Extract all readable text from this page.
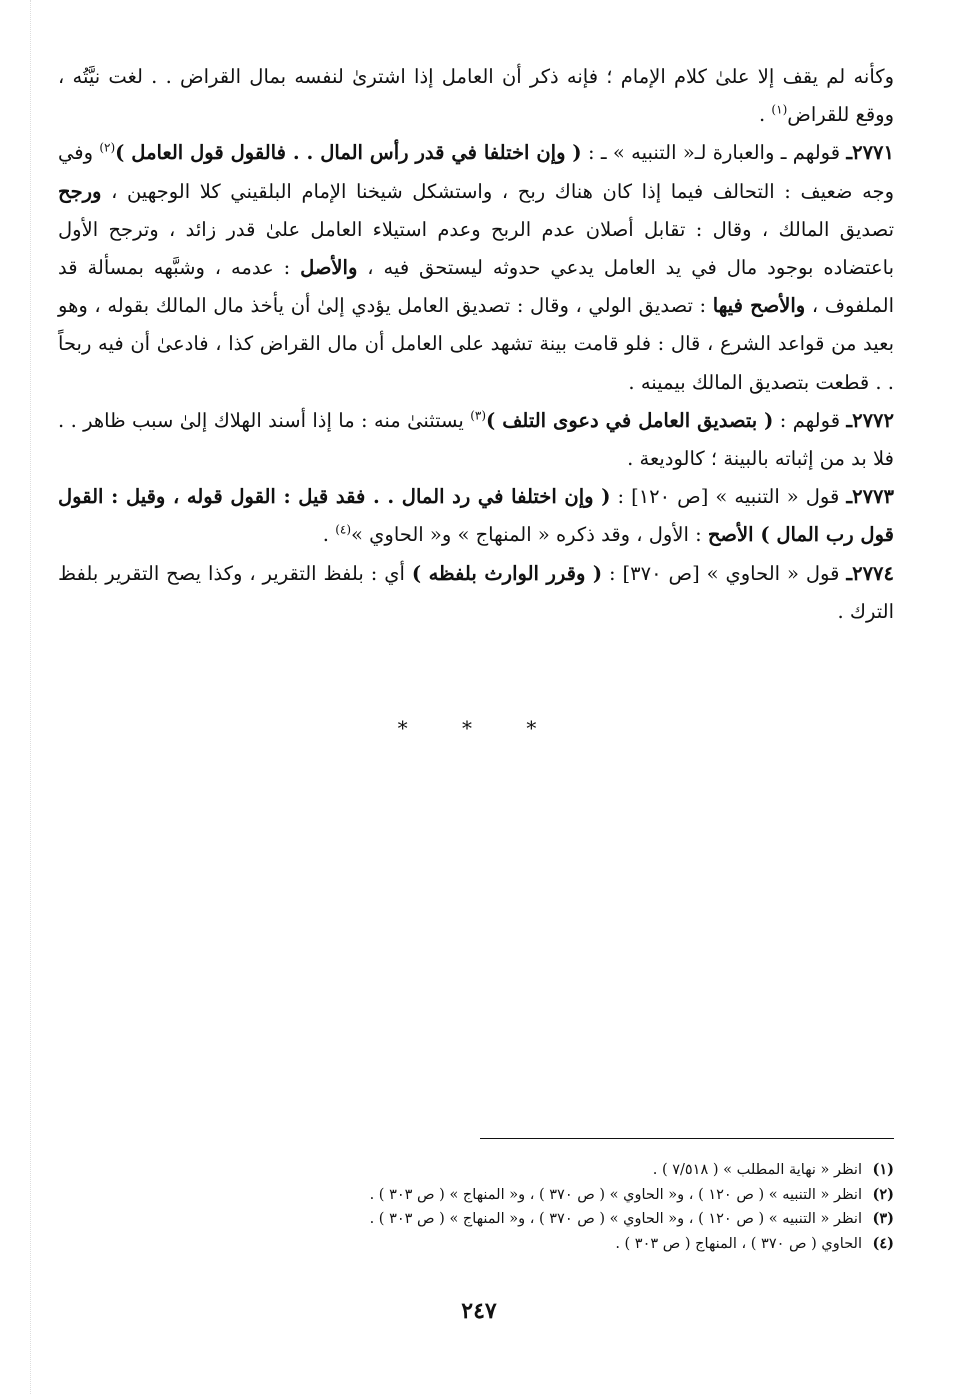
وكأنه لم يقف إلا علىٰ كلام الإمام ؛ فإنه ذكر أن العامل إذا اشترىٰ لنفسه بمال القراض . . لغت نيَّتُه ، ووقع للقراض$^{(١)}$ .

٢٧٧١ـ قولهم ـ والعبارة لـ« التنبيه » ـ : ( وإن اختلفا في قدر رأس المال . . فالقول قول العامل )$^{(٢)}$ وفي وجه ضعيف : التحالف فيما إذا كان هناك ربح ، واستشكل شيخنا الإمام البلقيني كلا الوجهين ، ورجح تصديق المالك ، وقال : تقابل أصلان عدم الربح وعدم استيلاء العامل علىٰ قدر زائد ، وترجح الأول باعتضاده بوجود مال في يد العامل يدعي حدوثه ليستحق فيه ، والأصل : عدمه ، وشبَّهه بمسألة قد الملفوف ، والأصح فيها : تصديق الولي ، وقال : تصديق العامل يؤدي إلىٰ أن يأخذ مال المالك بقوله ، وهو بعيد من قواعد الشرع ، قال : فلو قامت بينة تشهد على العامل أن مال القراض كذا ، فادعىٰ أن فيه ربحاً . . قطعت بتصديق المالك بيمينه .

٢٧٧٢ـ قولهم : ( بتصديق العامل في دعوى التلف )$^{(٣)}$ يستثنىٰ منه : ما إذا أسند الهلاك إلىٰ سبب ظاهر . . فلا بد من إثباته بالبينة ؛ كالوديعة .

٢٧٧٣ـ قول « التنبيه » [ص ١٢٠] : ( وإن اختلفا في رد المال . . فقد قيل : القول قوله ، وقيل : القول قول رب المال ) الأصح : الأول ، وقد ذكره « المنهاج » و« الحاوي »$^{(٤)}$ .

٢٧٧٤ـ قول « الحاوي » [ص ٣٧٠] : ( وقرر الوارث بلفظه ) أي : بلفظ التقرير ، وكذا يصح التقرير بلفظ الترك .

* * *

(١)انظر « نهاية المطلب » ( ٧/٥١٨ ) .

(٢)انظر « التنبيه » ( ص ١٢٠ ) ، و« الحاوي » ( ص ٣٧٠ ) ، و« المنهاج » ( ص ٣٠٣ ) .

(٣)انظر « التنبيه » ( ص ١٢٠ ) ، و« الحاوي » ( ص ٣٧٠ ) ، و« المنهاج » ( ص ٣٠٣ ) .

(٤)الحاوي ( ص ٣٧٠ ) ، المنهاج ( ص ٣٠٣ ) .

٢٤٧
